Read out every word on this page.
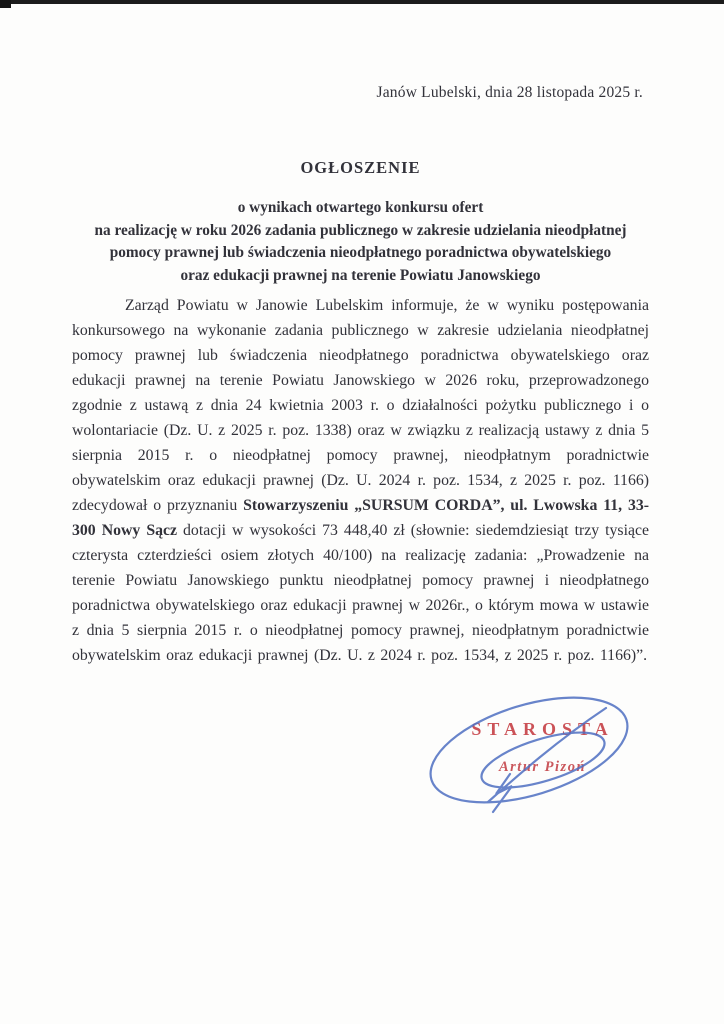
Janów Lubelski, dnia 28 listopada 2025 r.
OGŁOSZENIE
o wynikach otwartego konkursu ofert
na realizację w roku 2026 zadania publicznego w zakresie udzielania nieodpłatnej
pomocy prawnej lub świadczenia nieodpłatnego poradnictwa obywatelskiego
oraz edukacji prawnej na terenie Powiatu Janowskiego

Zarząd Powiatu w Janowie Lubelskim informuje, że w wyniku postępowania konkursowego na wykonanie zadania publicznego w zakresie udzielania nieodpłatnej pomocy prawnej lub świadczenia nieodpłatnego poradnictwa obywatelskiego oraz edukacji prawnej na terenie Powiatu Janowskiego w 2026 roku, przeprowadzonego zgodnie z ustawą z dnia 24 kwietnia 2003 r. o działalności pożytku publicznego i o wolontariacie (Dz. U. z 2025 r. poz. 1338) oraz w związku z realizacją ustawy z dnia 5 sierpnia 2015 r. o nieodpłatnej pomocy prawnej, nieodpłatnym poradnictwie obywatelskim oraz edukacji prawnej (Dz. U. 2024 r. poz. 1534, z 2025 r. poz. 1166) zdecydował o przyznaniu Stowarzyszeniu „SURSUM CORDA”, ul. Lwowska 11, 33-300 Nowy Sącz dotacji w wysokości 73 448,40 zł (słownie: siedemdziesiąt trzy tysiące czterysta czterdzieści osiem złotych 40/100) na realizację zadania: „Prowadzenie na terenie Powiatu Janowskiego punktu nieodpłatnej pomocy prawnej i nieodpłatnego poradnictwa obywatelskiego oraz edukacji prawnej w 2026r., o którym mowa w ustawie z dnia 5 sierpnia 2015 r. o nieodpłatnej pomocy prawnej, nieodpłatnym poradnictwie obywatelskim oraz edukacji prawnej (Dz. U. z 2024 r. poz. 1534, z 2025 r. poz. 1166)”.

STAROSTA
Artur Pizoń
